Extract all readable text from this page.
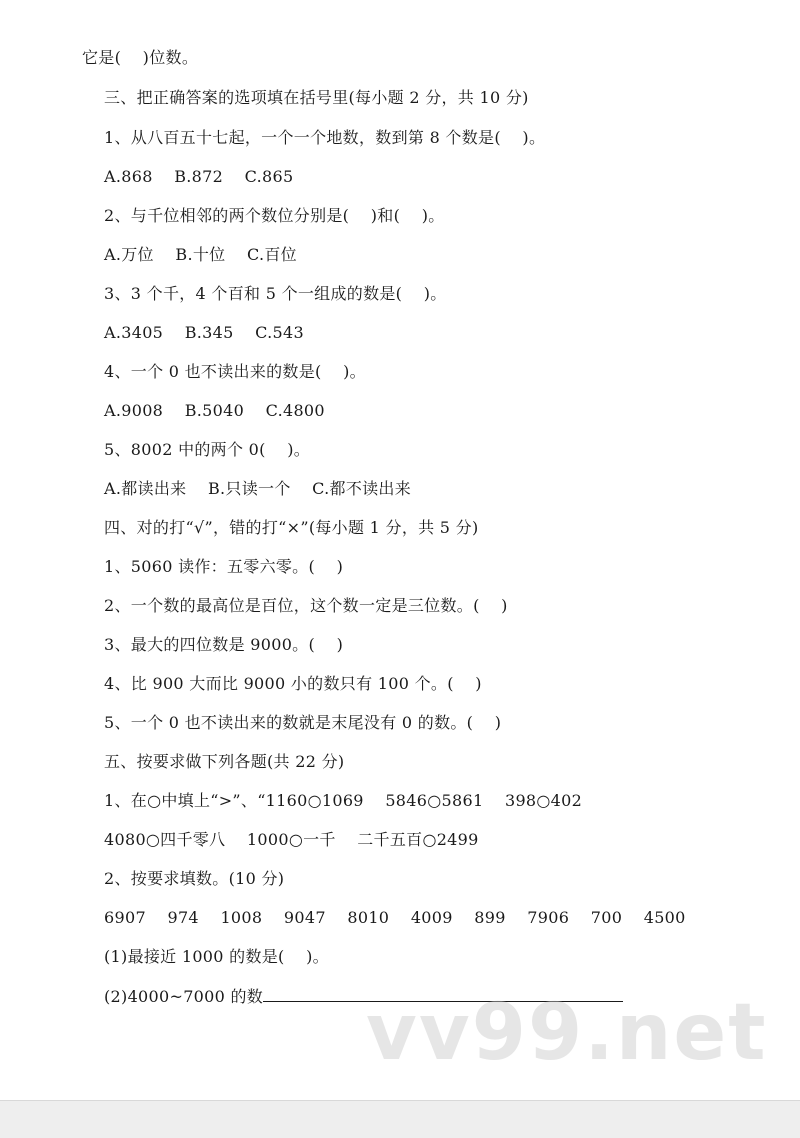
它是(    )位数。
三、把正确答案的选项填在括号里(每小题 2 分，共 10 分)
1、从八百五十七起，一个一个地数，数到第 8 个数是(    )。
A.868    B.872    C.865
2、与千位相邻的两个数位分别是(    )和(    )。
A.万位    B.十位    C.百位
3、3 个千，4 个百和 5 个一组成的数是(    )。
A.3405    B.345    C.543
4、一个 0 也不读出来的数是(    )。
A.9008    B.5040    C.4800
5、8002 中的两个 0(    )。
A.都读出来    B.只读一个    C.都不读出来
四、对的打“√”，错的打“×”(每小题 1 分，共 5 分)
1、5060 读作：五零六零。(    )
2、一个数的最高位是百位，这个数一定是三位数。(    )
3、最大的四位数是 9000。(    )
4、比 900 大而比 9000 小的数只有 100 个。(    )
5、一个 0 也不读出来的数就是末尾没有 0 的数。(    )
五、按要求做下列各题(共 22 分)
1、在○中填上“>”、“1160○1069    5846○5861    398○402
4080○四千零八    1000○一千    二千五百○2499
2、按要求填数。(10 分)
6907    974    1008    9047    8010    4009    899    7906    700    4500
(1)最接近 1000 的数是(    )。
(2)4000~7000 的数	vv99.net
